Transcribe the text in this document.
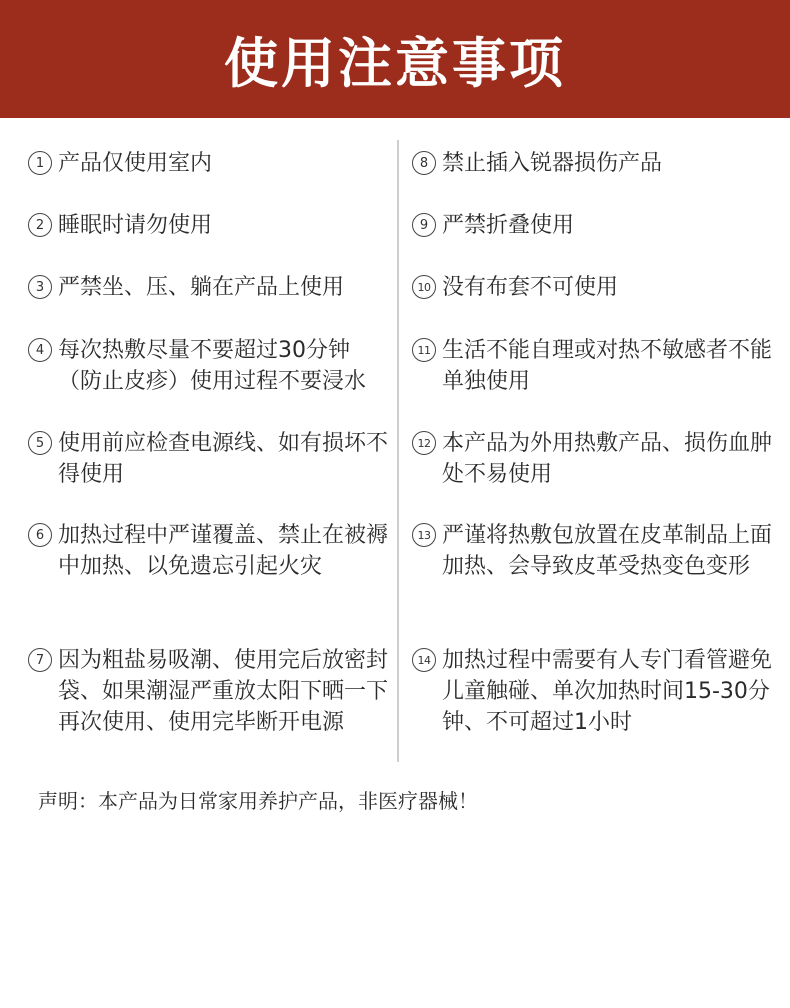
使用注意事项
1 产品仅使用室内
2 睡眠时请勿使用
3 严禁坐、压、躺在产品上使用
4 每次热敷尽量不要超过30分钟（防止皮疹）使用过程不要浸水
5 使用前应检查电源线、如有损坏不得使用
6 加热过程中严谨覆盖、禁止在被褥中加热、以免遗忘引起火灾
7 因为粗盐易吸潮、使用完后放密封袋、如果潮湿严重放太阳下晒一下再次使用、使用完毕断开电源
8 禁止插入锐器损伤产品
9 严禁折叠使用
10 没有布套不可使用
11 生活不能自理或对热不敏感者不能单独使用
12 本产品为外用热敷产品、损伤血肿处不易使用
13 严谨将热敷包放置在皮革制品上面加热、会导致皮革受热变色变形
14 加热过程中需要有人专门看管避免儿童触碰、单次加热时间15-30分钟、不可超过1小时
声明：本产品为日常家用养护产品，非医疗器械！
